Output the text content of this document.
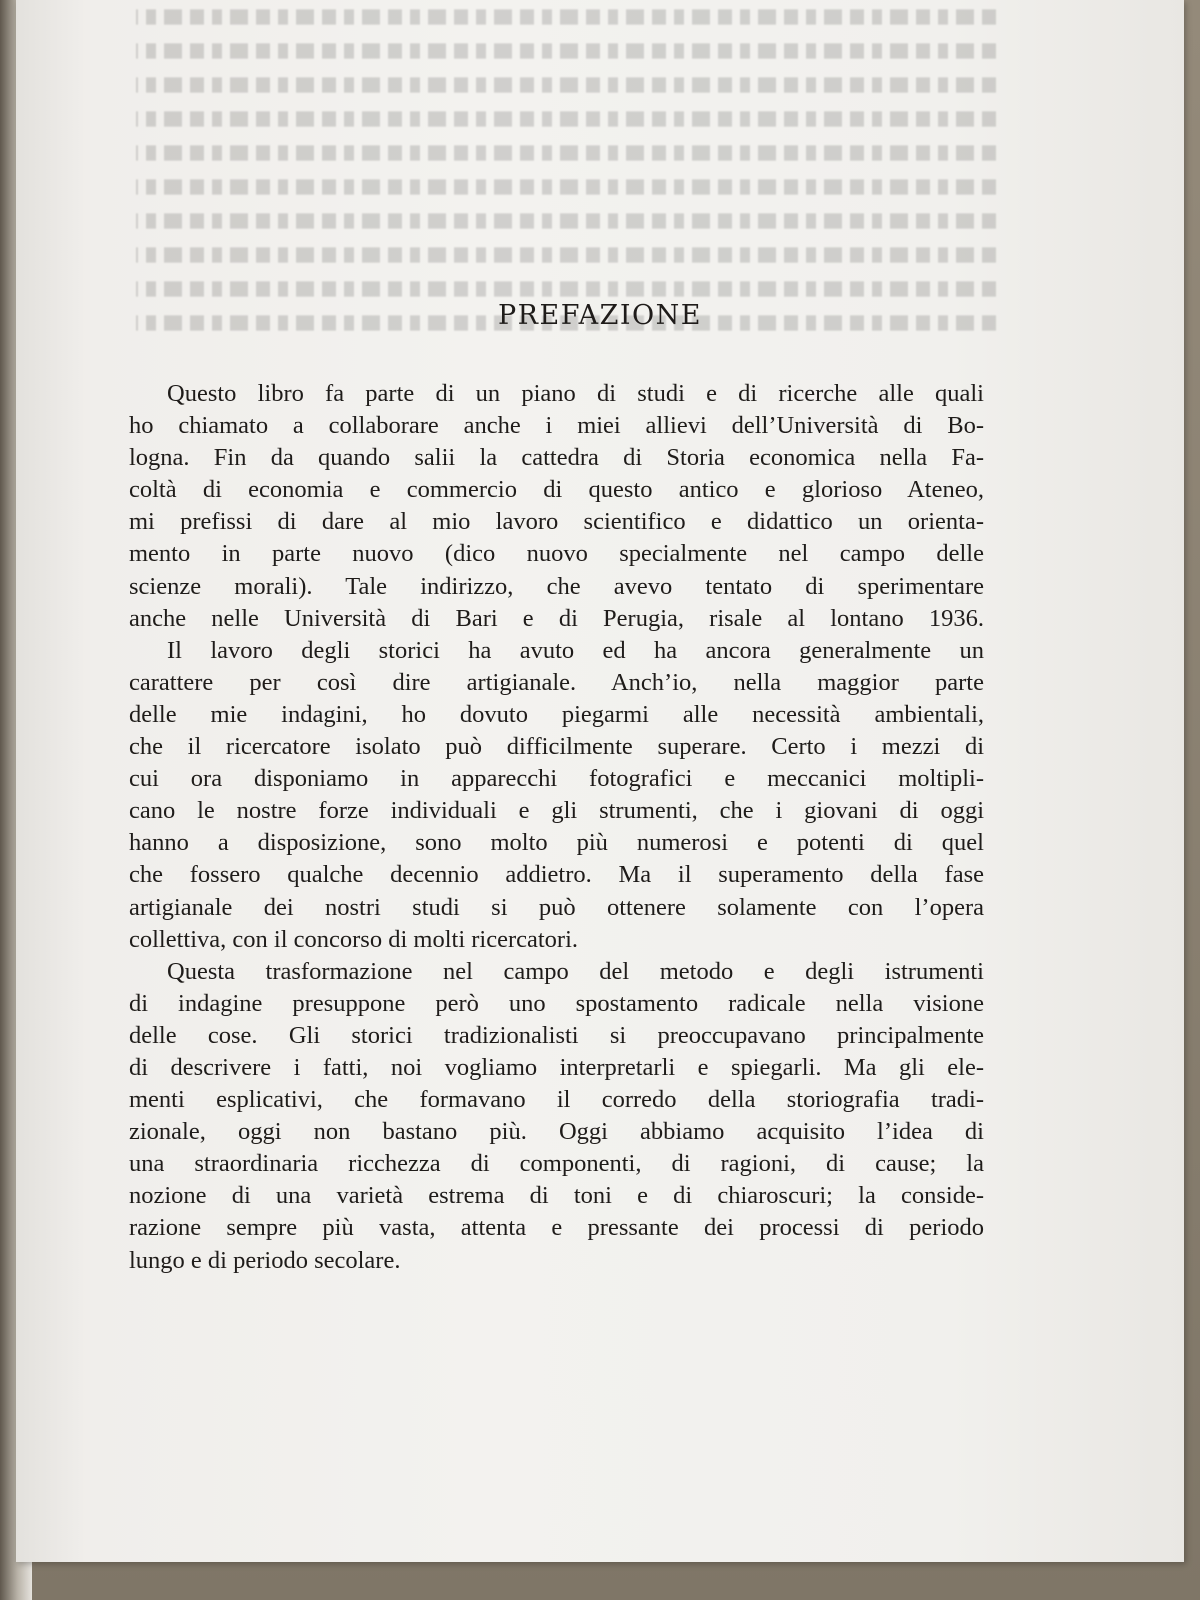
PREFAZIONE
Questo libro fa parte di un piano di studi e di ricerche alle quali
ho chiamato a collaborare anche i miei allievi dell’Università di Bo-
logna. Fin da quando salii la cattedra di Storia economica nella Fa-
coltà di economia e commercio di questo antico e glorioso Ateneo,
mi prefissi di dare al mio lavoro scientifico e didattico un orienta-
mento in parte nuovo (dico nuovo specialmente nel campo delle
scienze morali). Tale indirizzo, che avevo tentato di sperimentare
anche nelle Università di Bari e di Perugia, risale al lontano 1936.
Il lavoro degli storici ha avuto ed ha ancora generalmente un
carattere per così dire artigianale. Anch’io, nella maggior parte
delle mie indagini, ho dovuto piegarmi alle necessità ambientali,
che il ricercatore isolato può difficilmente superare. Certo i mezzi di
cui ora disponiamo in apparecchi fotografici e meccanici moltipli-
cano le nostre forze individuali e gli strumenti, che i giovani di oggi
hanno a disposizione, sono molto più numerosi e potenti di quel
che fossero qualche decennio addietro. Ma il superamento della fase
artigianale dei nostri studi si può ottenere solamente con l’opera
collettiva, con il concorso di molti ricercatori.
Questa trasformazione nel campo del metodo e degli istrumenti
di indagine presuppone però uno spostamento radicale nella visione
delle cose. Gli storici tradizionalisti si preoccupavano principalmente
di descrivere i fatti, noi vogliamo interpretarli e spiegarli. Ma gli ele-
menti esplicativi, che formavano il corredo della storiografia tradi-
zionale, oggi non bastano più. Oggi abbiamo acquisito l’idea di
una straordinaria ricchezza di componenti, di ragioni, di cause; la
nozione di una varietà estrema di toni e di chiaroscuri; la conside-
razione sempre più vasta, attenta e pressante dei processi di periodo
lungo e di periodo secolare.
